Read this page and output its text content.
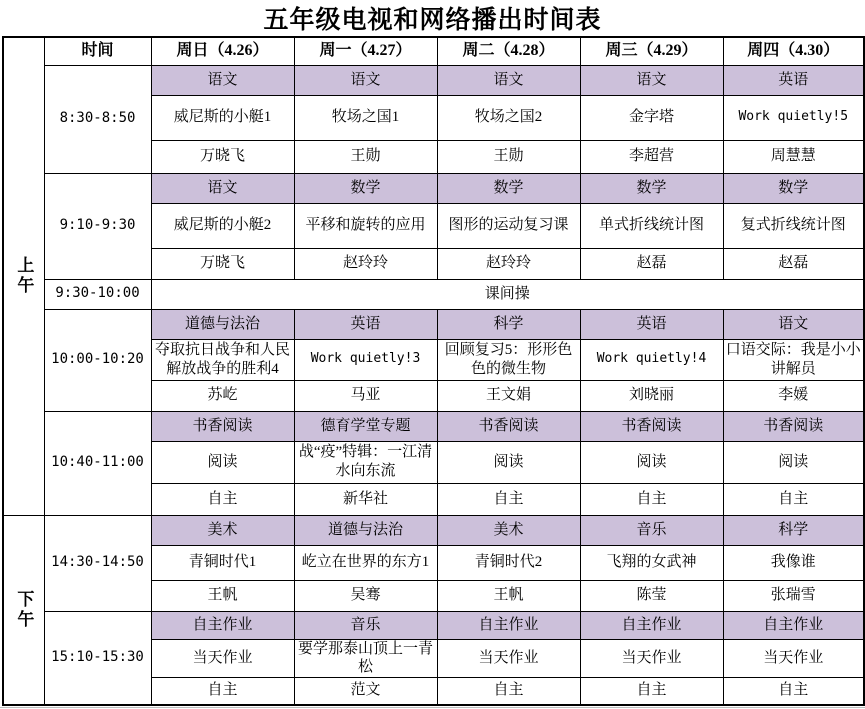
五年级电视和网络播出时间表
上午	时间	周日（4.26）	周一（4.27）	周二（4.28）	周三（4.29）	周四（4.30）
	8:30-8:50	语文	语文	语文	语文	英语
		威尼斯的小艇1	牧场之国1	牧场之国2	金字塔	Work quietly!5
		万晓飞	王勋	王勋	李超营	周慧慧
	9:10-9:30	语文	数学	数学	数学	数学
		威尼斯的小艇2	平移和旋转的应用	图形的运动复习课	单式折线统计图	复式折线统计图
		万晓飞	赵玲玲	赵玲玲	赵磊	赵磊
	9:30-10:00	课间操				
	10:00-10:20	道德与法治	英语	科学	英语	语文
		夺取抗日战争和人民解放战争的胜利4	Work quietly!3	回顾复习5：形形色色的微生物	Work quietly!4	口语交际：我是小小讲解员
		苏屹	马亚	王文娟	刘晓丽	李媛
	10:40-11:00	书香阅读	德育学堂专题	书香阅读	书香阅读	书香阅读
		阅读	战“疫”特辑：一江清水向东流	阅读	阅读	阅读
		自主	新华社	自主	自主	自主
下午	14:30-14:50	美术	道德与法治	美术	音乐	科学
		青铜时代1	屹立在世界的东方1	青铜时代2	飞翔的女武神	我像谁
		王帆	吴骞	王帆	陈莹	张瑞雪
	15:10-15:30	自主作业	音乐	自主作业	自主作业	自主作业
		当天作业	要学那泰山顶上一青松	当天作业	当天作业	当天作业
		自主	范文	自主	自主	自主
